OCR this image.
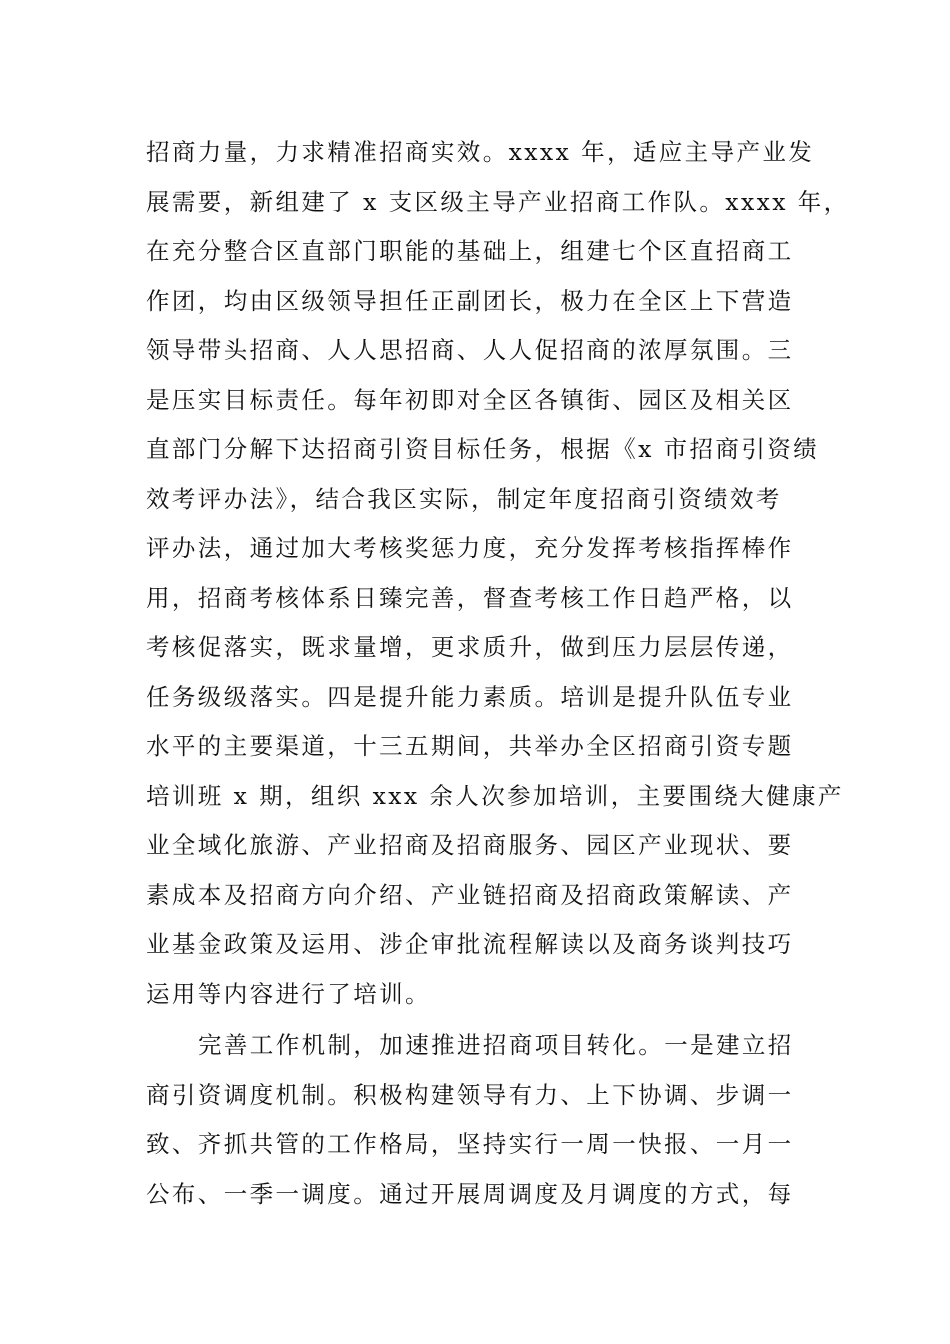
招商力量，力求精准招商实效。xxxx 年，适应主导产业发
展需要，新组建了 x 支区级主导产业招商工作队。xxxx 年，
在充分整合区直部门职能的基础上，组建七个区直招商工
作团，均由区级领导担任正副团长，极力在全区上下营造
领导带头招商、人人思招商、人人促招商的浓厚氛围。三
是压实目标责任。每年初即对全区各镇街、园区及相关区
直部门分解下达招商引资目标任务，根据《x 市招商引资绩
效考评办法》，结合我区实际，制定年度招商引资绩效考
评办法，通过加大考核奖惩力度，充分发挥考核指挥棒作
用，招商考核体系日臻完善，督查考核工作日趋严格，以
考核促落实，既求量增，更求质升，做到压力层层传递，
任务级级落实。四是提升能力素质。培训是提升队伍专业
水平的主要渠道，十三五期间，共举办全区招商引资专题
培训班 x 期，组织 xxx 余人次参加培训，主要围绕大健康产
业全域化旅游、产业招商及招商服务、园区产业现状、要
素成本及招商方向介绍、产业链招商及招商政策解读、产
业基金政策及运用、涉企审批流程解读以及商务谈判技巧
运用等内容进行了培训。
完善工作机制，加速推进招商项目转化。一是建立招
商引资调度机制。积极构建领导有力、上下协调、步调一
致、齐抓共管的工作格局，坚持实行一周一快报、一月一
公布、一季一调度。通过开展周调度及月调度的方式，每
